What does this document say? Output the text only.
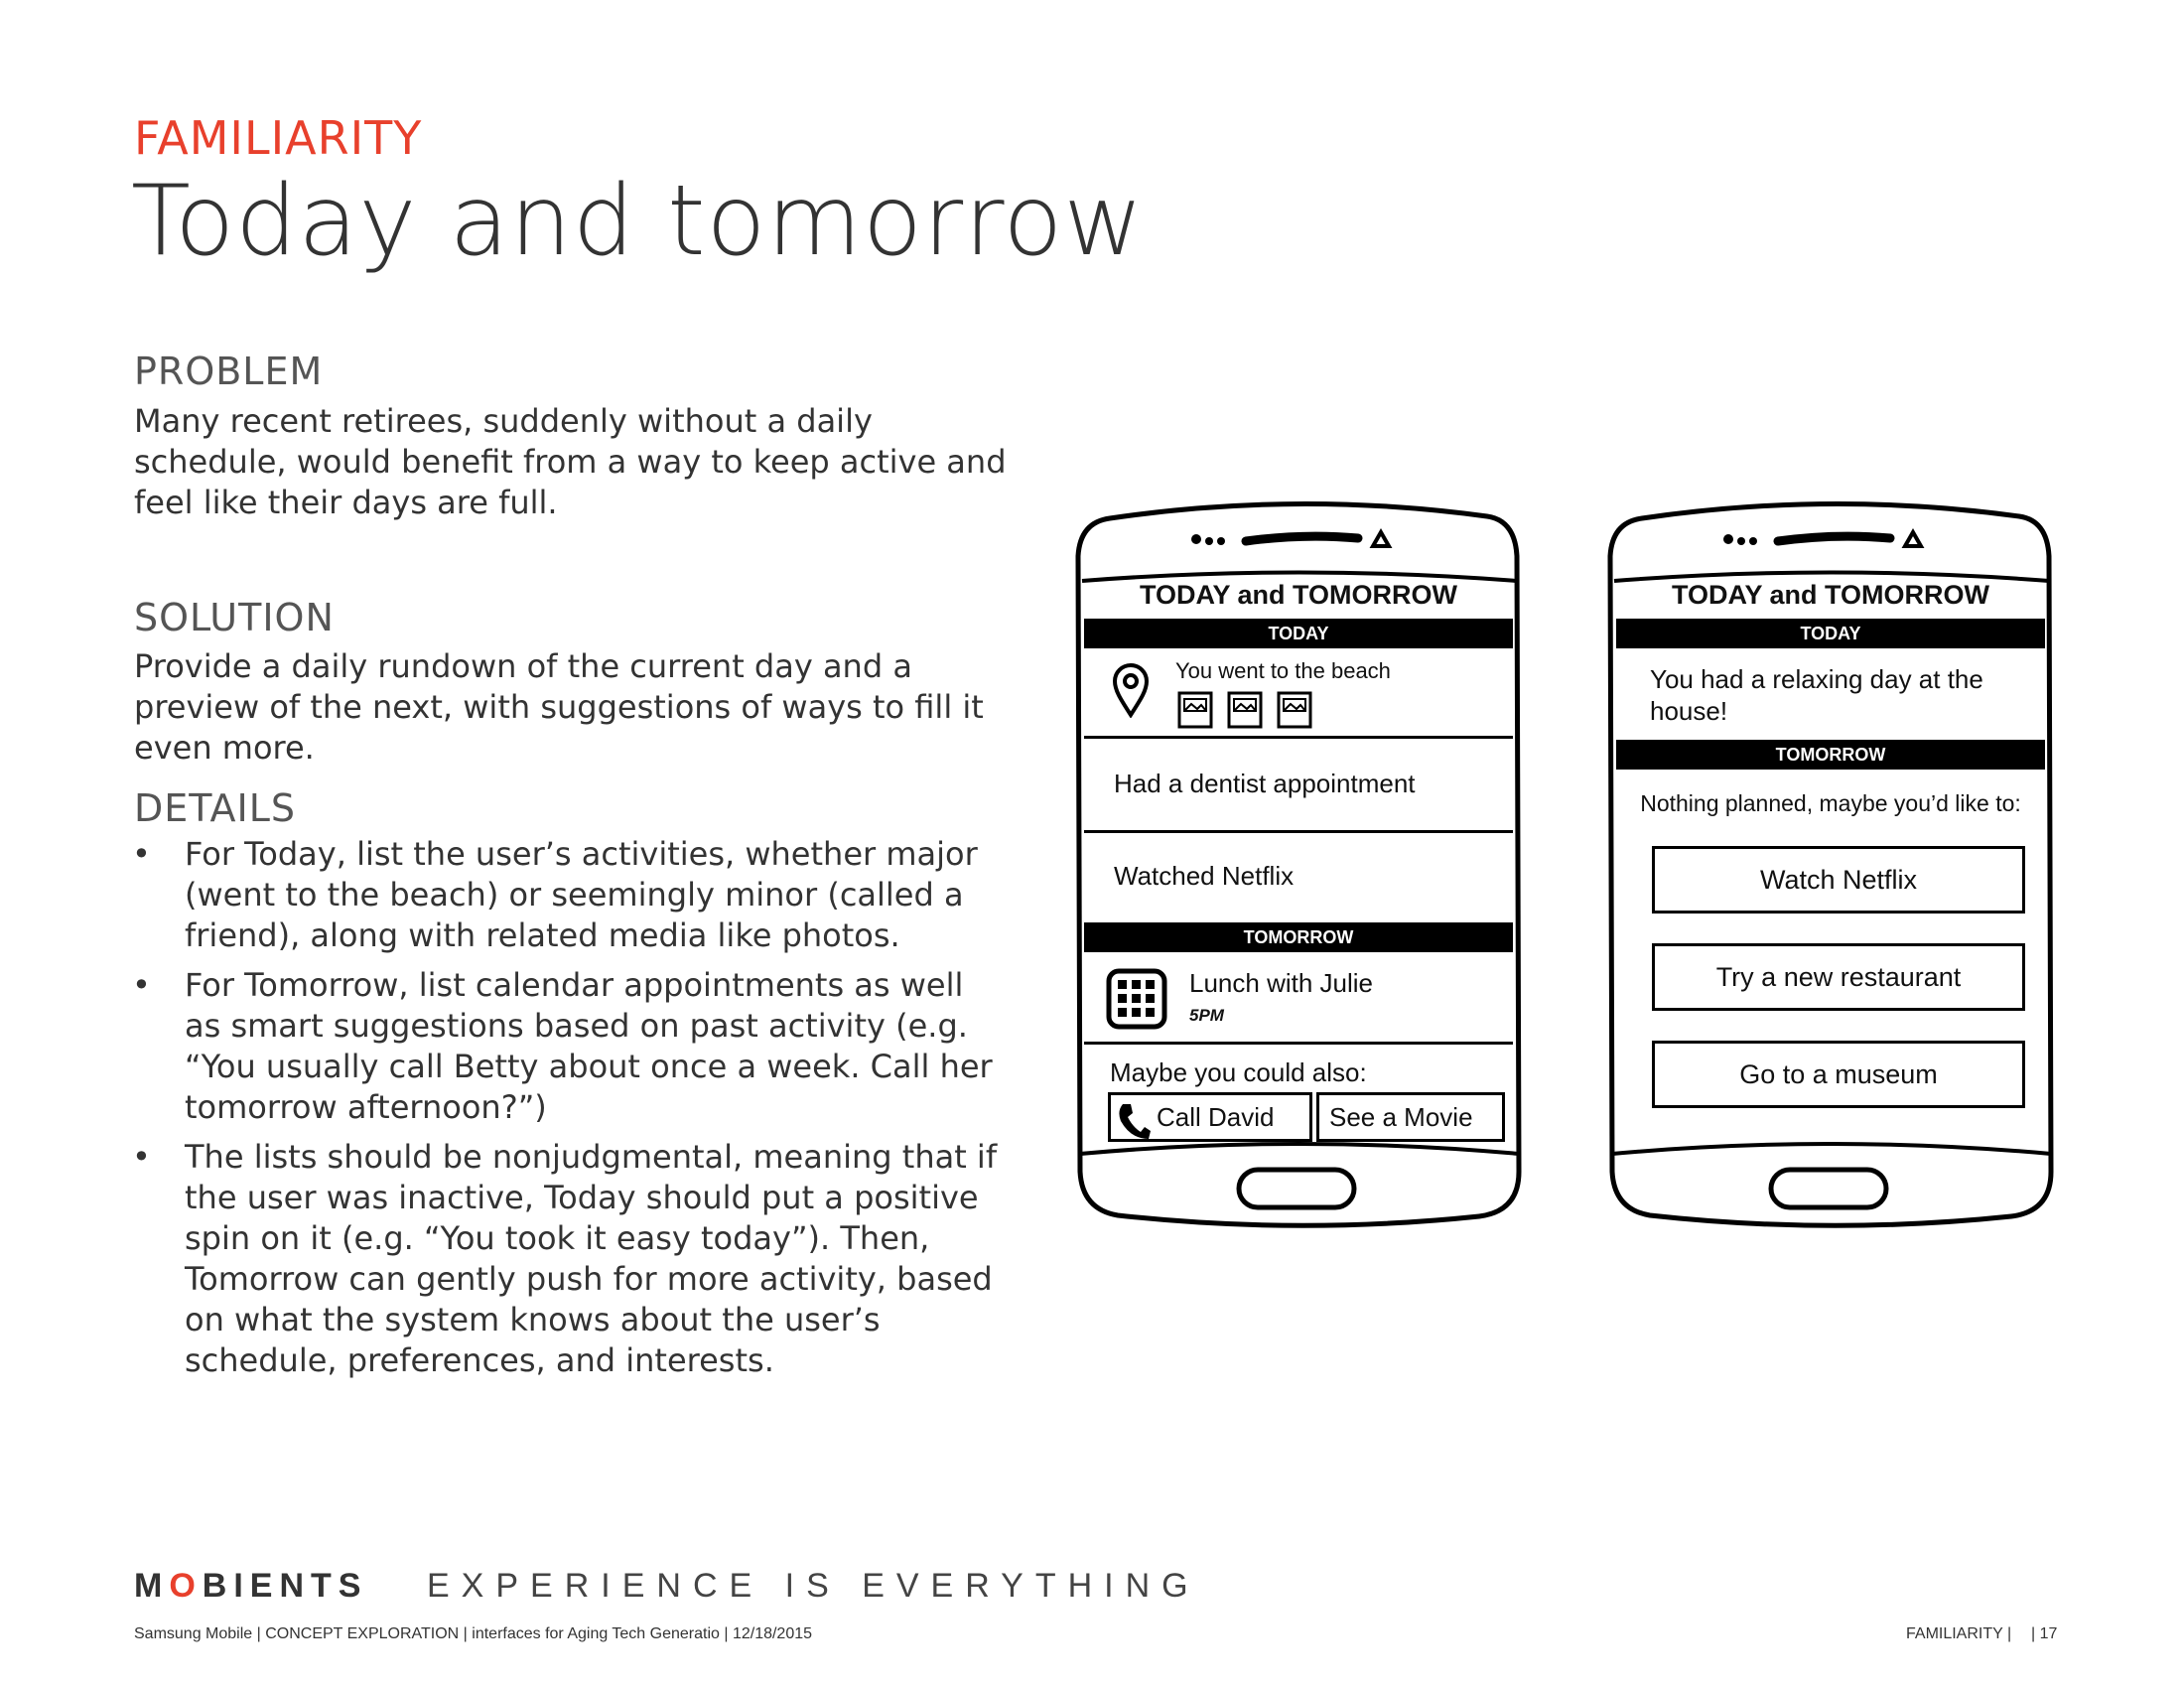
FAMILIARITY
Today and tomorrow
PROBLEM
Many recent retirees, suddenly without a daily schedule, would benefit from a way to keep active and feel like their days are full.
SOLUTION
Provide a daily rundown of the current day and a preview of the next, with suggestions of ways to fill it even more.
DETAILS
• For Today, list the user’s activities, whether major (went to the beach) or seemingly minor (called a friend), along with related media like photos.
• For Tomorrow, list calendar appointments as well as smart suggestions based on past activity (e.g. “You usually call Betty about once a week. Call her tomorrow afternoon?”)
• The lists should be nonjudgmental, meaning that if the user was inactive, Today should put a positive spin on it (e.g. “You took it easy today”). Then, Tomorrow can gently push for more activity, based on what the system knows about the user’s schedule, preferences, and interests.
TODAY and TOMORROW
TODAY
You went to the beach
Had a dentist appointment
Watched Netflix
TOMORROW
Lunch with Julie
5PM
Maybe you could also:
Call David See a Movie
TODAY and TOMORROW
TODAY
You had a relaxing day at the house!
TOMORROW
Nothing planned, maybe you’d like to:
Watch Netflix
Try a new restaurant
Go to a museum
MOBIENTS EXPERIENCE IS EVERYTHING
Samsung Mobile | CONCEPT EXPLORATION | interfaces for Aging Tech Generatio | 12/18/2015	FAMILIARITY | | 17
